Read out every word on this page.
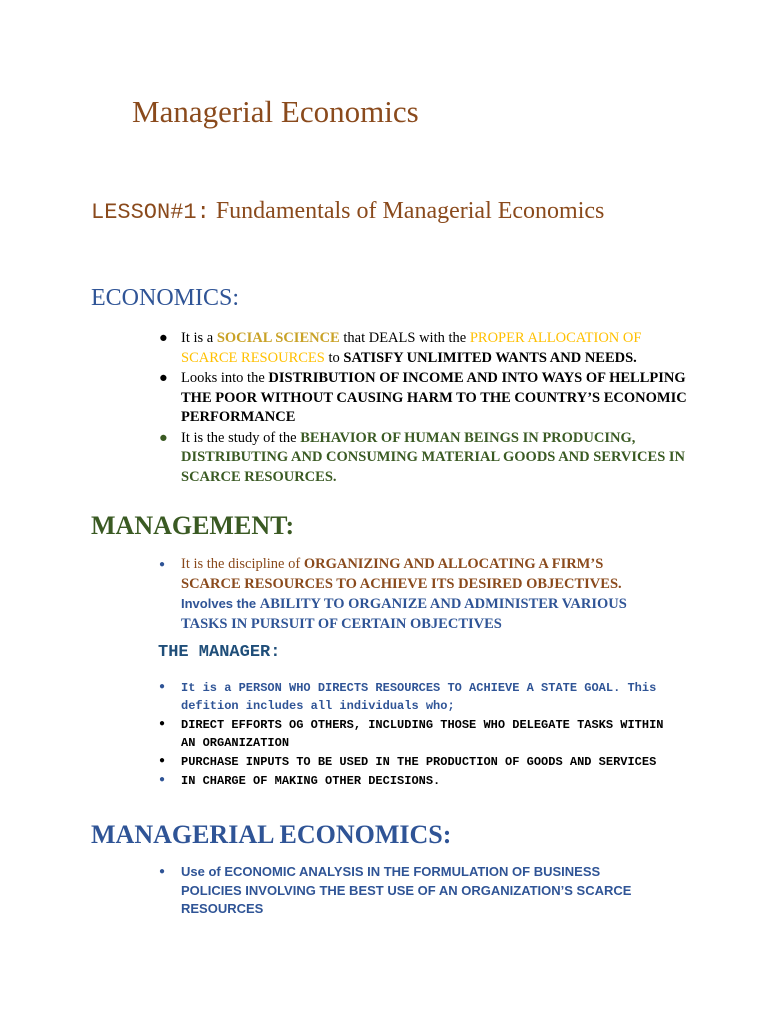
Managerial Economics
LESSON#1: Fundamentals of Managerial Economics
ECONOMICS:
● It is a SOCIAL SCIENCE that DEALS with the PROPER ALLOCATION OF SCARCE RESOURCES to SATISFY UNLIMITED WANTS AND NEEDS.
● Looks into the DISTRIBUTION OF INCOME AND INTO WAYS OF HELLPING THE POOR WITHOUT CAUSING HARM TO THE COUNTRY’S ECONOMIC PERFORMANCE
● It is the study of the BEHAVIOR OF HUMAN BEINGS IN PRODUCING, DISTRIBUTING AND CONSUMING MATERIAL GOODS AND SERVICES IN SCARCE RESOURCES.
MANAGEMENT:
● It is the discipline of ORGANIZING AND ALLOCATING A FIRM’S SCARCE RESOURCES TO ACHIEVE ITS DESIRED OBJECTIVES.
Involves the ABILITY TO ORGANIZE AND ADMINISTER VARIOUS TASKS IN PURSUIT OF CERTAIN OBJECTIVES
THE MANAGER:
● It is a PERSON WHO DIRECTS RESOURCES TO ACHIEVE A STATE GOAL. This defition includes all individuals who;
● DIRECT EFFORTS OG OTHERS, INCLUDING THOSE WHO DELEGATE TASKS WITHIN AN ORGANIZATION
● PURCHASE INPUTS TO BE USED IN THE PRODUCTION OF GOODS AND SERVICES
● IN CHARGE OF MAKING OTHER DECISIONS.
MANAGERIAL ECONOMICS:
● Use of ECONOMIC ANALYSIS IN THE FORMULATION OF BUSINESS POLICIES INVOLVING THE BEST USE OF AN ORGANIZATION’S SCARCE RESOURCES
